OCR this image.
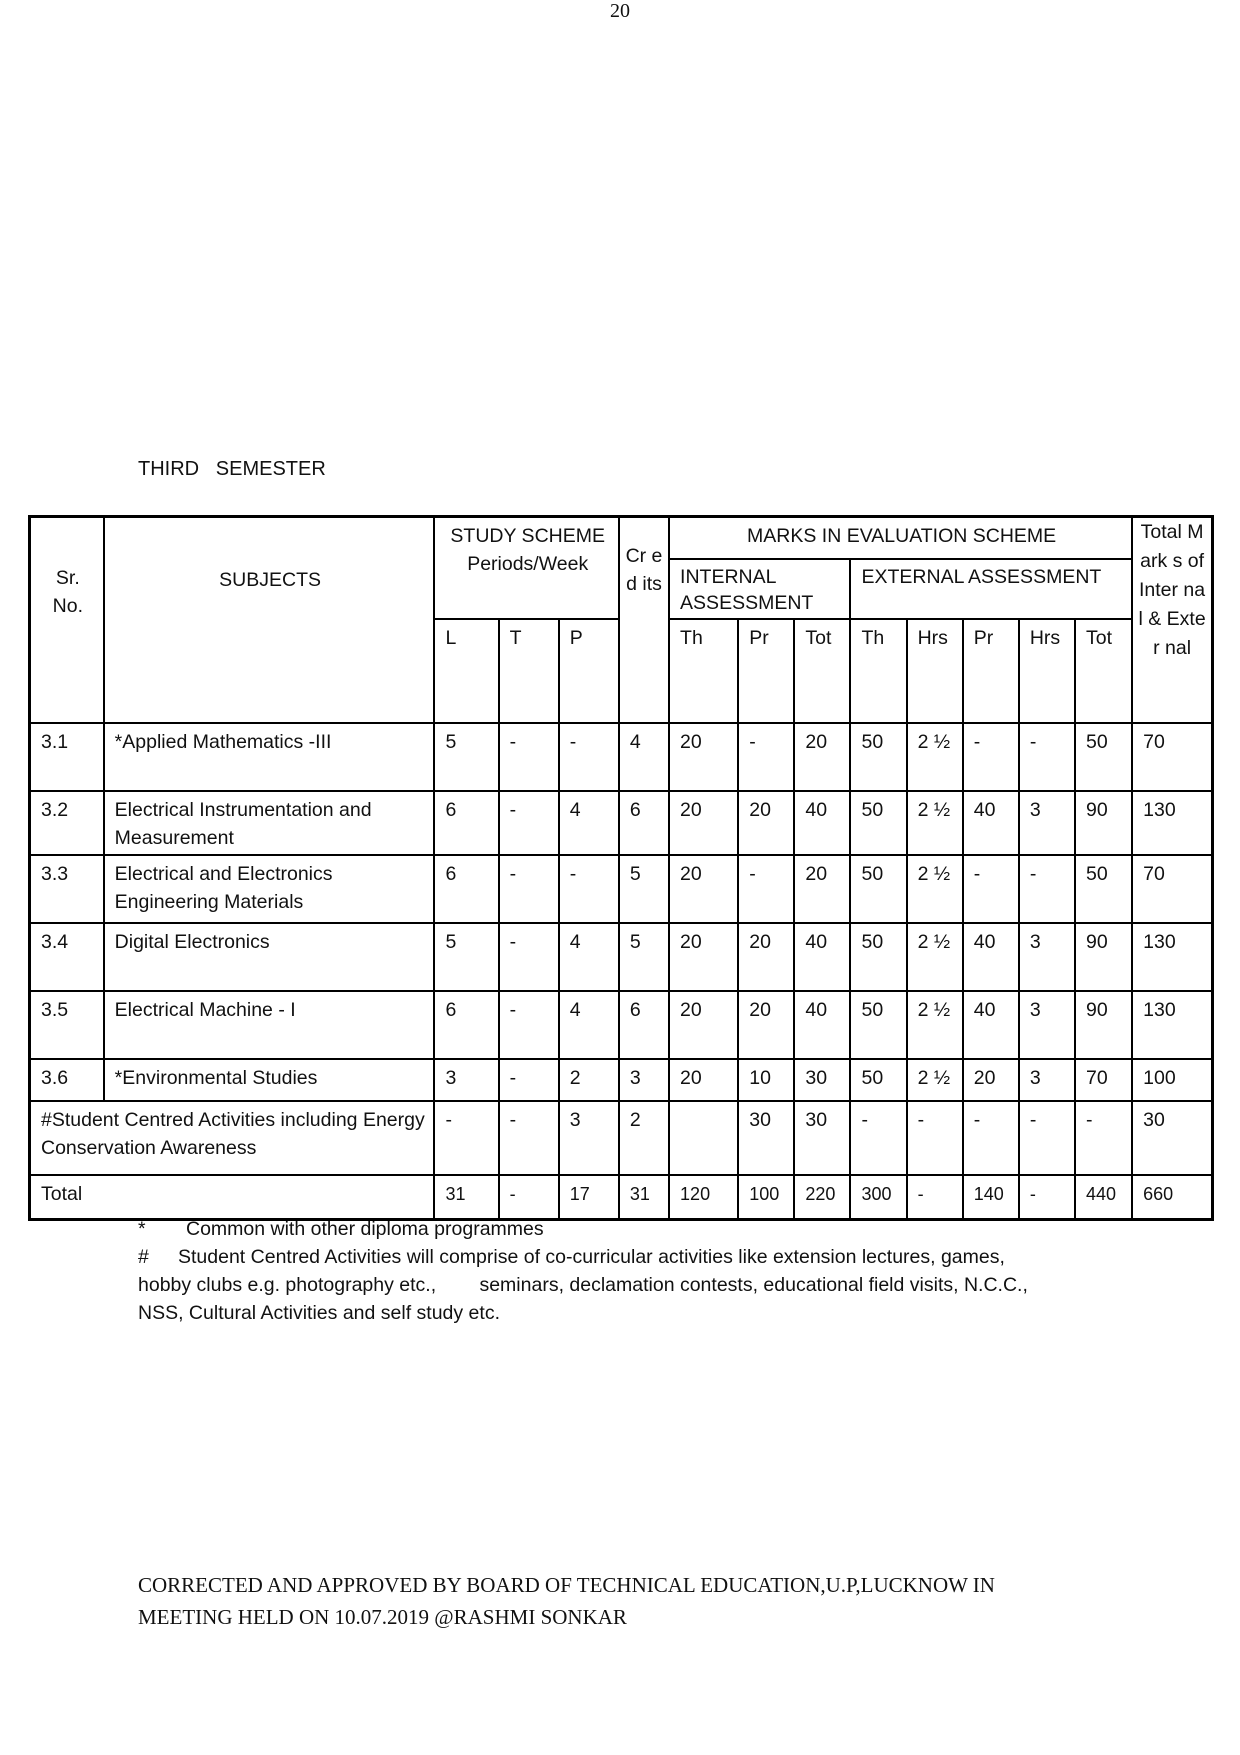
20
THIRD   SEMESTER
Sr. No.	SUBJECTS	STUDY SCHEME Periods/Week			Cr ed its	MARKS IN EVALUATION SCHEME								Total Mark s of Inter nal & Exter nal
						INTERNAL ASSESSMENT			EXTERNAL ASSESSMENT					
		L	T	P		Th	Pr	Tot	Th	Hrs	Pr	Hrs	Tot	
3.1	*Applied Mathematics -III	5	-	-	4	20	-	20	50	2 ½	-	-	50	70
3.2	Electrical Instrumentation and Measurement	6	-	4	6	20	20	40	50	2 ½	40	3	90	130
3.3	Electrical and Electronics Engineering Materials	6	-	-	5	20	-	20	50	2 ½	-	-	50	70
3.4	Digital Electronics	5	-	4	5	20	20	40	50	2 ½	40	3	90	130
3.5	Electrical Machine - I	6	-	4	6	20	20	40	50	2 ½	40	3	90	130
3.6	*Environmental Studies	3	-	2	3	20	10	30	50	2 ½	20	3	70	100
#Student Centred Activities including Energy Conservation Awareness		-	-	3	2		30	30	-	-	-	-	-	30
Total		31	-	17	31	120	100	220	300	-	140	-	440	660
* Common with other diploma programmes
# Student Centred Activities will comprise of co-curricular activities like extension lectures, games,
hobby clubs e.g. photography etc.,        seminars, declamation contests, educational field visits, N.C.C.,
NSS, Cultural Activities and self study etc.
CORRECTED AND APPROVED BY BOARD OF TECHNICAL EDUCATION,U.P,LUCKNOW IN
MEETING HELD ON 10.07.2019 @RASHMI SONKAR
